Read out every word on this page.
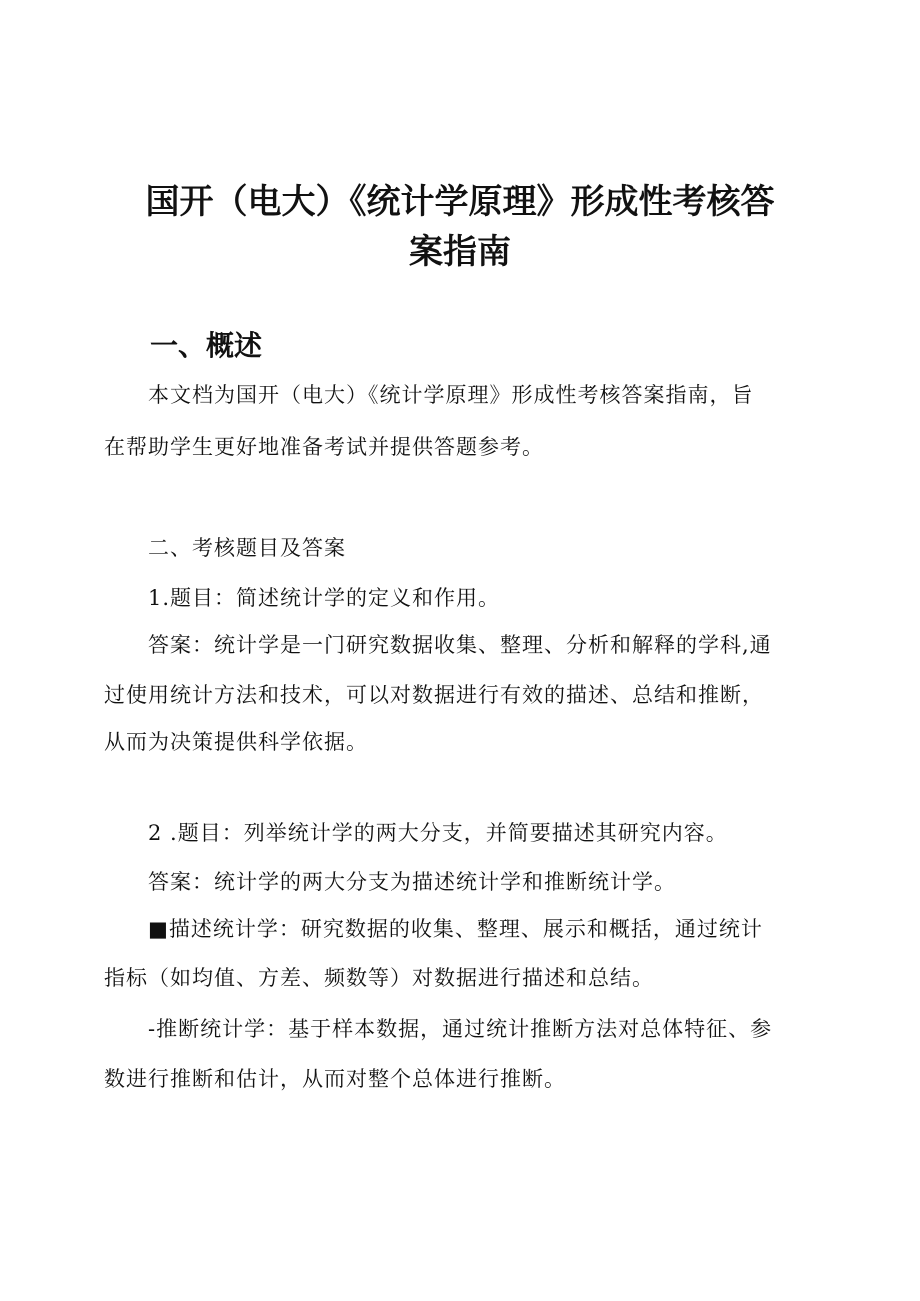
国开（电大）《统计学原理》形成性考核答
案指南
一、概述
本文档为国开（电大）《统计学原理》形成性考核答案指南，旨
在帮助学生更好地准备考试并提供答题参考。
二、考核题目及答案
1.题目：简述统计学的定义和作用。
答案：统计学是一门研究数据收集、整理、分析和解释的学科,通
过使用统计方法和技术，可以对数据进行有效的描述、总结和推断，
从而为决策提供科学依据。
2 .题目：列举统计学的两大分支，并简要描述其研究内容。
答案：统计学的两大分支为描述统计学和推断统计学。
■描述统计学：研究数据的收集、整理、展示和概括，通过统计
指标（如均值、方差、频数等）对数据进行描述和总结。
-推断统计学：基于样本数据，通过统计推断方法对总体特征、参
数进行推断和估计，从而对整个总体进行推断。
